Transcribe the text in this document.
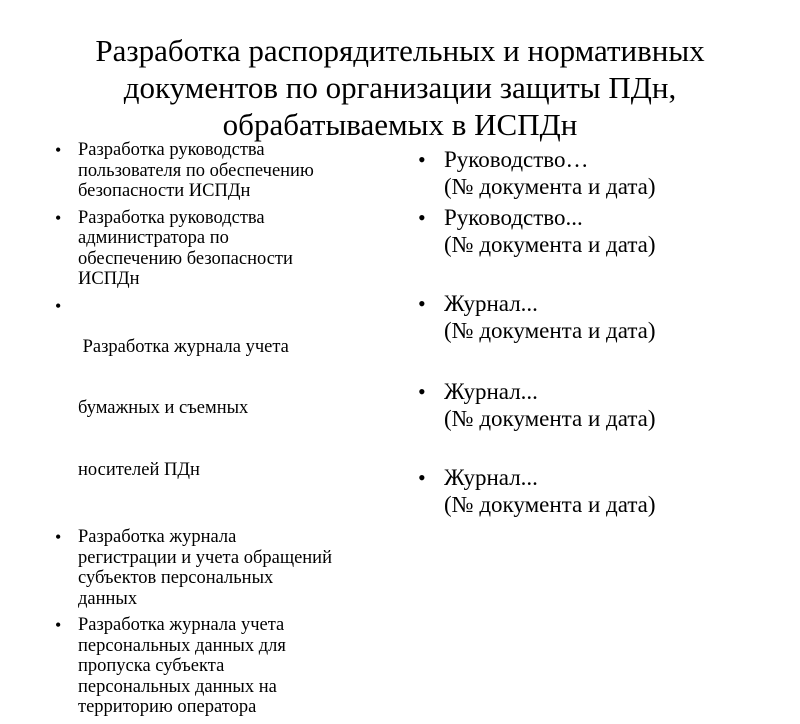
Разработка распорядительных и нормативных
документов по организации защиты ПДн,
обрабатываемых в ИСПДн
• Разработка руководства
пользователя по обеспечению
безопасности ИСПДн
• Разработка руководства
администратора по
обеспечению безопасности
ИСПДн
•

Разработка журнала учета

бумажных и съемных

носителей ПДн

• Разработка журнала
регистрации и учета обращений
субъектов персональных
данных
• Разработка журнала учета
персональных данных для
пропуска субъекта
персональных данных на
территорию оператора
• Руководство…
(№ документа и дата)
• Руководство...
(№ документа и дата)
• Журнал...
(№ документа и дата)
• Журнал...
(№ документа и дата)
• Журнал...
(№ документа и дата)
